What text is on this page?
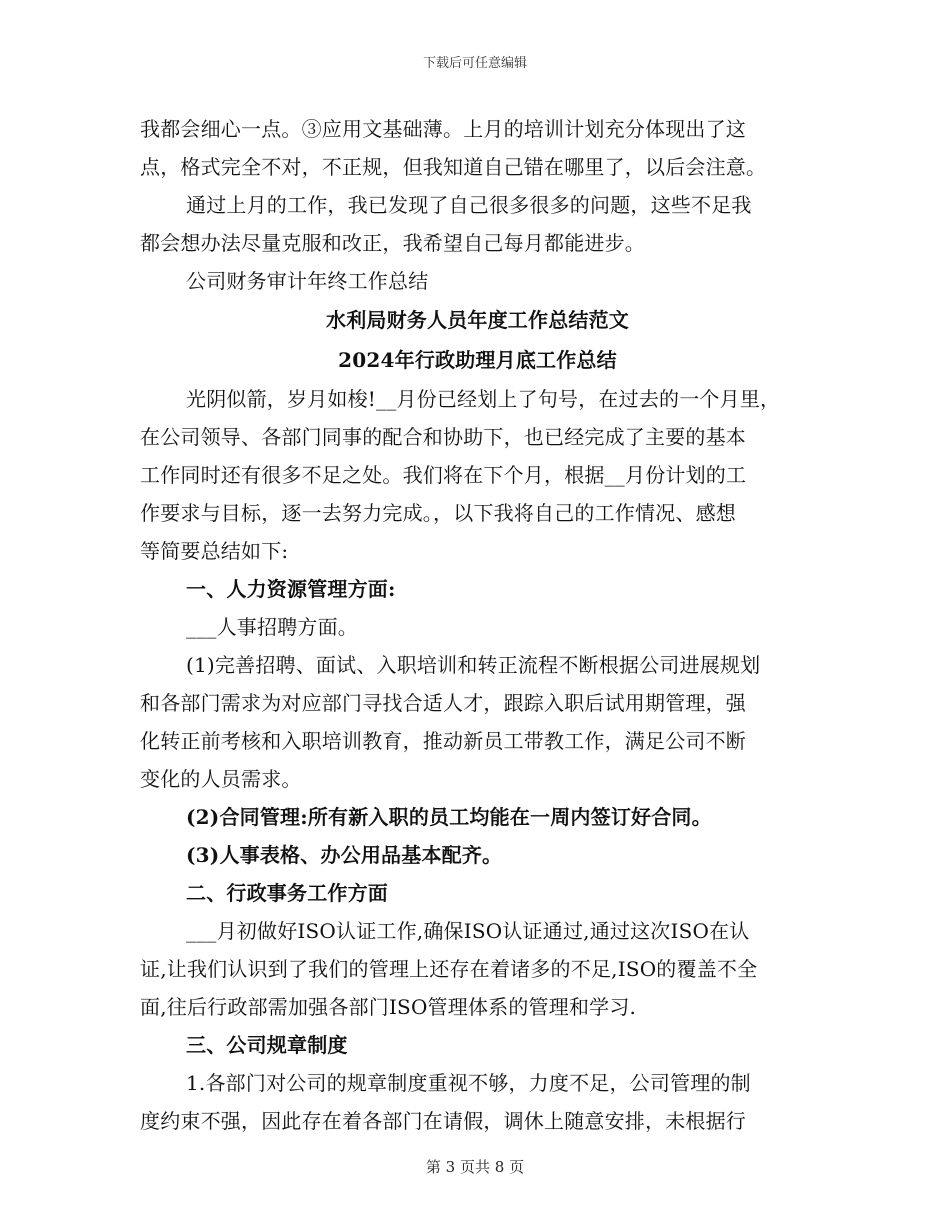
下载后可任意编辑
我都会细心一点。③应用文基础薄。上月的培训计划充分体现出了这
点，格式完全不对，不正规，但我知道自己错在哪里了，以后会注意。
通过上月的工作，我已发现了自己很多很多的问题，这些不足我
都会想办法尽量克服和改正，我希望自己每月都能进步。
公司财务审计年终工作总结
水利局财务人员年度工作总结范文
2024年行政助理月底工作总结
光阴似箭，岁月如梭!__月份已经划上了句号，在过去的一个月里，
在公司领导、各部门同事的配合和协助下，也已经完成了主要的基本
工作同时还有很多不足之处。我们将在下个月，根据__月份计划的工
作要求与目标，逐一去努力完成。，以下我将自己的工作情况、感想
等简要总结如下:
一、人力资源管理方面:
___人事招聘方面。
(1)完善招聘、面试、入职培训和转正流程不断根据公司进展规划
和各部门需求为对应部门寻找合适人才，跟踪入职后试用期管理，强
化转正前考核和入职培训教育，推动新员工带教工作，满足公司不断
变化的人员需求。
(2)合同管理:所有新入职的员工均能在一周内签订好合同。
(3)人事表格、办公用品基本配齐。
二、行政事务工作方面
___月初做好ISO认证工作,确保ISO认证通过,通过这次ISO在认
证,让我们认识到了我们的管理上还存在着诸多的不足,ISO的覆盖不全
面,往后行政部需加强各部门ISO管理体系的管理和学习.
三、公司规章制度
1.各部门对公司的规章制度重视不够，力度不足，公司管理的制
度约束不强，因此存在着各部门在请假，调休上随意安排，未根据行
第 3 页共 8 页
